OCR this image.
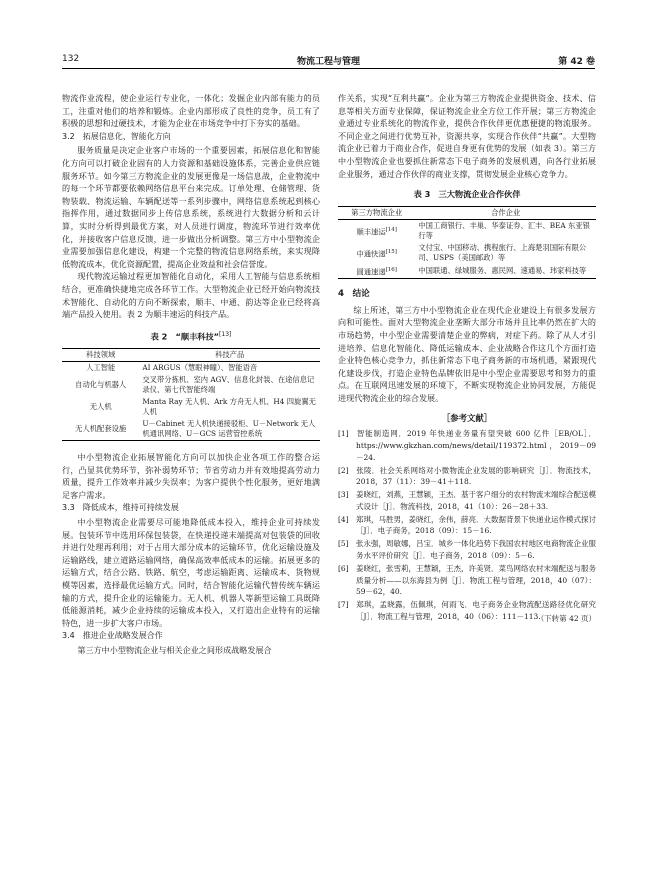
132	物流工程与管理	第 42 卷

物流作业流程，使企业运行专业化，一体化；发掘企业内部有能力的员工，注重对他们的培养和锻炼。企业内部形成了良性的竞争，员工有了积极的思想和过硬技术，才能为企业在市场竞争中打下夯实的基础。

3.2　拓展信息化、智能化方向

服务质量是决定企业客户市场的一个重要因素，拓展信息化和智能化方向可以打破企业固有的人力资源和基础设施体系，完善企业供应链服务环节。如今第三方物流企业的发展更像是一场信息战，企业物流中的每一个环节都要依赖网络信息平台来完成。订单处理、仓储管理、货物装载、物流运输、车辆配送等一系列步骤中，网络信息系统起到核心指挥作用，通过数据同步上传信息系统，系统进行大数据分析和云计算，实时分析得到最优方案，对人员进行调度，物流环节进行效率优化，并接收客户信息反馈，进一步做出分析调整。第三方中小型物流企业需要加强信息化建设，构建一个完整的物流信息网络系统，来实现降低物流成本，优化资源配置，提高企业效益和社会信誉度。

现代物流运输过程更加智能化自动化，采用人工智能与信息系统相结合，更准确快捷地完成各环节工作。大型物流企业已经开始向物流技术智能化、自动化的方向不断探索，顺丰、中通、韵达等企业已经将高端产品投入使用。表 2 为顺丰速运的科技产品。

表 2　“顺丰科技”[13]
科技领域	科技产品
人工智能	AI ARGUS（慧眼神瞳）、智能语音
自动化与机器人	交叉带分拣机、室内 AGV、信息化封装、在途信息记录仪、第七代智能终端
无人机	Manta Ray 无人机、Ark 方舟无人机、H4 四旋翼无人机
无人机配套设施	U－Cabinet 无人机快递接驳柜、U－Network 无人机通讯网络、U－GCS 运营管控系统

中小型物流企业拓展智能化方向可以加快企业各项工作的整合运行，凸显其优势环节，弥补弱势环节；节省劳动力并有效地提高劳动力质量，提升工作效率并减少失误率；为客户提供个性化服务，更好地满足客户需求。

3.3　降低成本，维持可持续发展

中小型物流企业需要尽可能地降低成本投入，维持企业可持续发展。包装环节中选用环保包装袋，在快递投递末端提高对包装袋的回收并进行处理再利用；对于占用大部分成本的运输环节，优化运输设施及运输路线，建立道路运输网络，确保高效率低成本的运输。拓展更多的运输方式，结合公路、铁路、航空，考虑运输距离、运输成本、货物规模等因素，选择最优运输方式。同时，结合智能化运输代替传统车辆运输的方式，提升企业的运输能力。无人机、机器人等新型运输工具既降低能源消耗，减少企业持续的运输成本投入，又打造出企业特有的运输特色，进一步扩大客户市场。

3.4　推进企业战略发展合作

第三方中小型物流企业与相关企业之间形成战略发展合

作关系，实现“互利共赢”。企业为第三方物流企业提供资金、技术、信息等相关方面专业保障，保证物流企业全方位工作开展；第三方物流企业通过专业系统化的物流作业，提供合作伙伴更优惠便捷的物流服务。不同企业之间进行优势互补，资源共享，实现合作伙伴“共赢”。大型物流企业已着力于商业合作，促进自身更有优势的发展（如表 3）。第三方中小型物流企业也要抓住新常态下电子商务的发展机遇，向各行业拓展企业服务，通过合作伙伴的商业支撑，贯彻发展企业核心竞争力。

表 3　三大物流企业合作伙伴
第三方物流企业	合作企业
顺丰速运[14]	中国工商银行、丰巢、华泰证券、汇丰、BEA 东亚银行等
中通快递[15]	文付宝、中国移动、携程旅行、上海楚羽国际有限公司、USPS（美国邮政）等
圆通速递[16]	中国联通、绿城服务、惠民网、速通易、玮家科技等
4　结论

综上所述，第三方中小型物流企业在现代企业建设上有很多发展方向和可能性。面对大型物流企业垄断大部分市场并且比率仍然在扩大的市场趋势，中小型企业需要清楚企业的弊病，对症下药。除了从人才引进培养、信息化智能化、降低运输成本、企业战略合作这几个方面打造企业特色核心竞争力，抓住新常态下电子商务新的市场机遇，紧跟现代化建设步伐，打造企业特色品牌依旧是中小型企业需要思考和努力的重点。在互联网迅速发展的环境下，不断实现物流企业协同发展，方能促进现代物流企业的综合发展。

［参考文献］

[1] 智能制造网．2019 年快递业务量有望突破 600 亿件［EB/OL］．https://www.gkzhan.com/news/detail/119372.html，2019－09－24.

[2] 张陵．社会关系网络对小微物流企业发展的影响研究［J］．物流技术，2018，37（11）：39－41＋118.

[3] 姜晓红，刘燕，王慧颖，王杰．基于客户细分的农村物流末端综合配送模式设计［J］．物流科技，2018，41（10）：26－28＋33.

[4] 郑琪，马胜男，姜晓红，余伟，薛亮．大数据背景下快递业运作模式探讨［J］．电子商务，2018（09）：15－16.

[5] 张永强，周敏娜，吕宝．城乡一体化趋势下我国农村地区电商物流企业服务水平评价研究［J］．电子商务，2018（09）：5－6.

[6] 姜晓红，张雪莉，王慧颖，王杰，许美贤．菜鸟网络农村末端配送与服务质量分析——以东海县为例［J］．物流工程与管理，2018，40（07）：59－62，40.

[7] 郑琪，孟晓露，伍佩琪，何雨飞．电子商务企业物流配送路径优化研究［J］．物流工程与管理，2018，40（06）：111－113.

（下转第 42 页）
